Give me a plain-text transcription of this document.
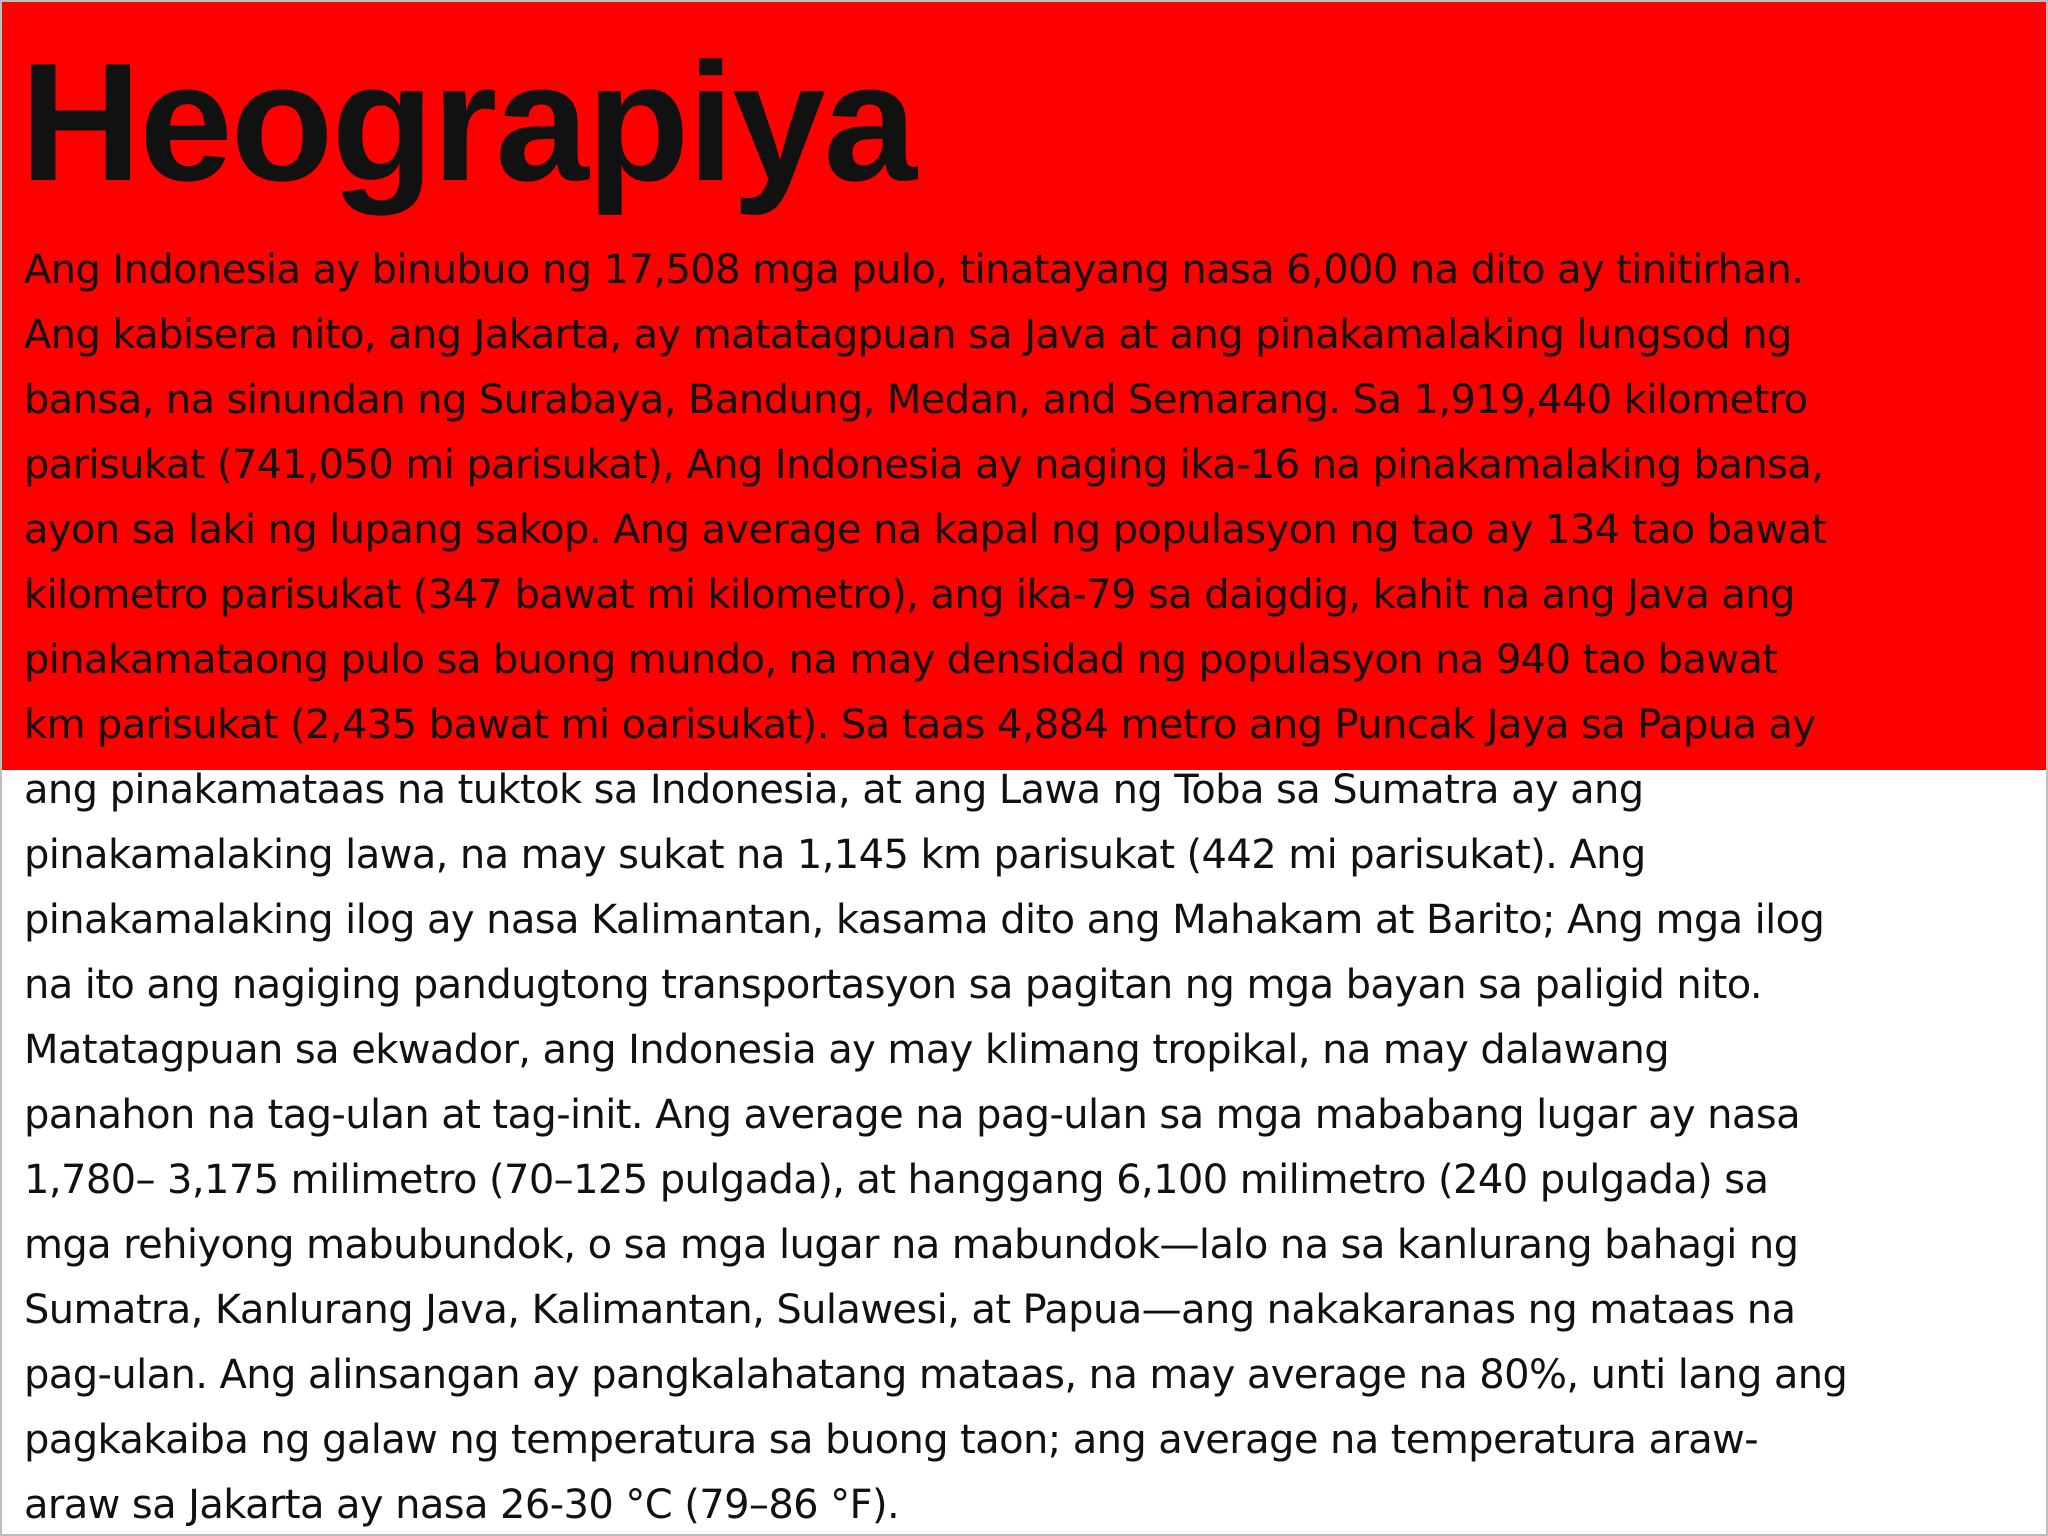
Heograpiya
Ang Indonesia ay binubuo ng 17,508 mga pulo, tinatayang nasa 6,000 na dito ay tinitirhan.
Ang kabisera nito, ang Jakarta, ay matatagpuan sa Java at ang pinakamalaking lungsod ng
bansa, na sinundan ng Surabaya, Bandung, Medan, and Semarang. Sa 1,919,440 kilometro
parisukat (741,050 mi parisukat), Ang Indonesia ay naging ika-16 na pinakamalaking bansa,
ayon sa laki ng lupang sakop. Ang average na kapal ng populasyon ng tao ay 134 tao bawat
kilometro parisukat (347 bawat mi kilometro), ang ika-79 sa daigdig, kahit na ang Java ang
pinakamataong pulo sa buong mundo, na may densidad ng populasyon na 940 tao bawat
km parisukat (2,435 bawat mi oarisukat). Sa taas 4,884 metro ang Puncak Jaya sa Papua ay
ang pinakamataas na tuktok sa Indonesia, at ang Lawa ng Toba sa Sumatra ay ang
pinakamalaking lawa, na may sukat na 1,145 km parisukat (442 mi parisukat). Ang
pinakamalaking ilog ay nasa Kalimantan, kasama dito ang Mahakam at Barito; Ang mga ilog
na ito ang nagiging pandugtong transportasyon sa pagitan ng mga bayan sa paligid nito.
Matatagpuan sa ekwador, ang Indonesia ay may klimang tropikal, na may dalawang
panahon na tag-ulan at tag-init. Ang average na pag-ulan sa mga mababang lugar ay nasa
1,780– 3,175 milimetro (70–125 pulgada), at hanggang 6,100 milimetro (240 pulgada) sa
mga rehiyong mabubundok, o sa mga lugar na mabundok—lalo na sa kanlurang bahagi ng
Sumatra, Kanlurang Java, Kalimantan, Sulawesi, at Papua—ang nakakaranas ng mataas na
pag-ulan. Ang alinsangan ay pangkalahatang mataas, na may average na 80%, unti lang ang
pagkakaiba ng galaw ng temperatura sa buong taon; ang average na temperatura araw-
araw sa Jakarta ay nasa 26-30 °C (79–86 °F).
